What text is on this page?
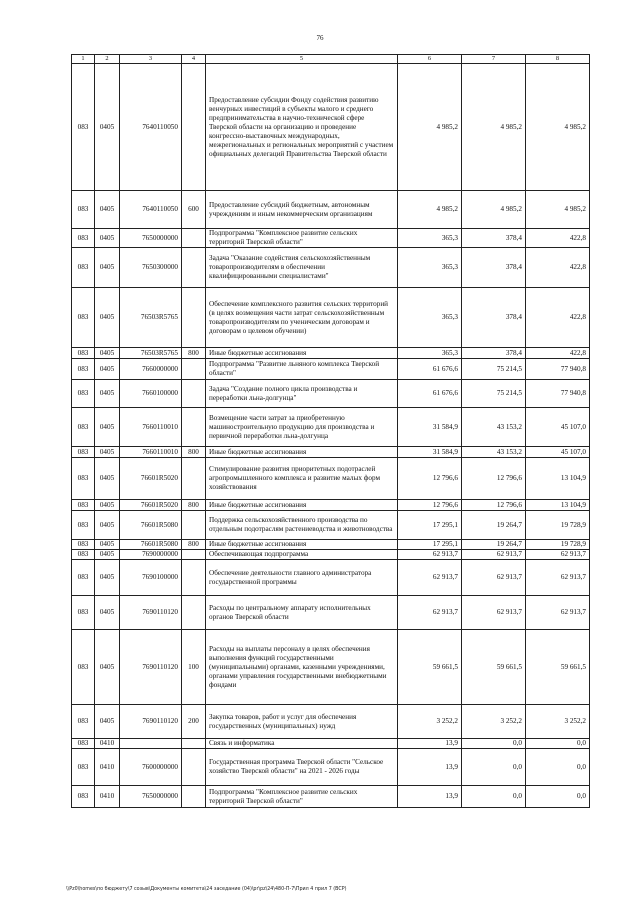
76
1	2	3	4	5	6	7	8
083	0405	7640110050		Предоставление субсидии Фонду содействия развитию венчурных инвестиций в субъекты малого и среднего предпринимательства в научно-технической сфере Тверской области на организацию и проведение конгрессно-выставочных международных, межрегиональных и региональных мероприятий с участием официальных делегаций Правительства Тверской области	4 985,2	4 985,2	4 985,2
083	0405	7640110050	600	Предоставление субсидий бюджетным, автономным учреждениям и иным некоммерческим организациям	4 985,2	4 985,2	4 985,2
083	0405	7650000000		Подпрограмма "Комплексное развитие сельских территорий Тверской области"	365,3	378,4	422,8
083	0405	7650300000		Задача "Оказание содействия сельскохозяйственным товаропроизводителям в обеспечении квалифицированными специалистами"	365,3	378,4	422,8
083	0405	76503R5765		Обеспечение комплексного развития сельских территорий (в целях возмещения части затрат сельскохозяйственным товаропроизводителям по ученическим договорам и договорам о целевом обучении)	365,3	378,4	422,8
083	0405	76503R5765	800	Иные бюджетные ассигнования	365,3	378,4	422,8
083	0405	7660000000		Подпрограмма "Развитие льняного комплекса Тверской области"	61 676,6	75 214,5	77 940,8
083	0405	7660100000		Задача "Создание полного цикла производства и переработки льна-долгунца"	61 676,6	75 214,5	77 940,8
083	0405	7660110010		Возмещение части затрат за приобретенную машиностроительную продукцию для производства и первичной переработки льна-долгунца	31 584,9	43 153,2	45 107,0
083	0405	7660110010	800	Иные бюджетные ассигнования	31 584,9	43 153,2	45 107,0
083	0405	76601R5020		Стимулирование развития приоритетных подотраслей агропромышленного комплекса и развитие малых форм хозяйствования	12 796,6	12 796,6	13 104,9
083	0405	76601R5020	800	Иные бюджетные ассигнования	12 796,6	12 796,6	13 104,9
083	0405	76601R5080		Поддержка сельскохозяйственного производства по отдельным подотраслям растениеводства и животноводства	17 295,1	19 264,7	19 728,9
083	0405	76601R5080	800	Иные бюджетные ассигнования	17 295,1	19 264,7	19 728,9
083	0405	7690000000		Обеспечивающая подпрограмма	62 913,7	62 913,7	62 913,7
083	0405	7690100000		Обеспечение деятельности главного администратора государственной программы	62 913,7	62 913,7	62 913,7
083	0405	7690110120		Расходы по центральному аппарату исполнительных органов Тверской области	62 913,7	62 913,7	62 913,7
083	0405	7690110120	100	Расходы на выплаты персоналу в целях обеспечения выполнения функций государственными (муниципальными) органами, казенными учреждениями, органами управления государственными внебюджетными фондами	59 661,5	59 661,5	59 661,5
083	0405	7690110120	200	Закупка товаров, работ и услуг для обеспечения государственных (муниципальных) нужд	3 252,2	3 252,2	3 252,2
083	0410			Связь и информатика	13,9	0,0	0,0
083	0410	7600000000		Государственная программа Тверской области "Сельское хозяйство Тверской области" на 2021 - 2026 годы	13,9	0,0	0,0
083	0410	7650000000		Подпрограмма "Комплексное развитие сельских территорий Тверской области"	13,9	0,0	0,0
\\Pz0\homes\по бюджету\7 созыв\Документы комитета\24 заседание (04)\pr\pz\24\480-П-7\Прил 4 прил 7 (ВСР)
